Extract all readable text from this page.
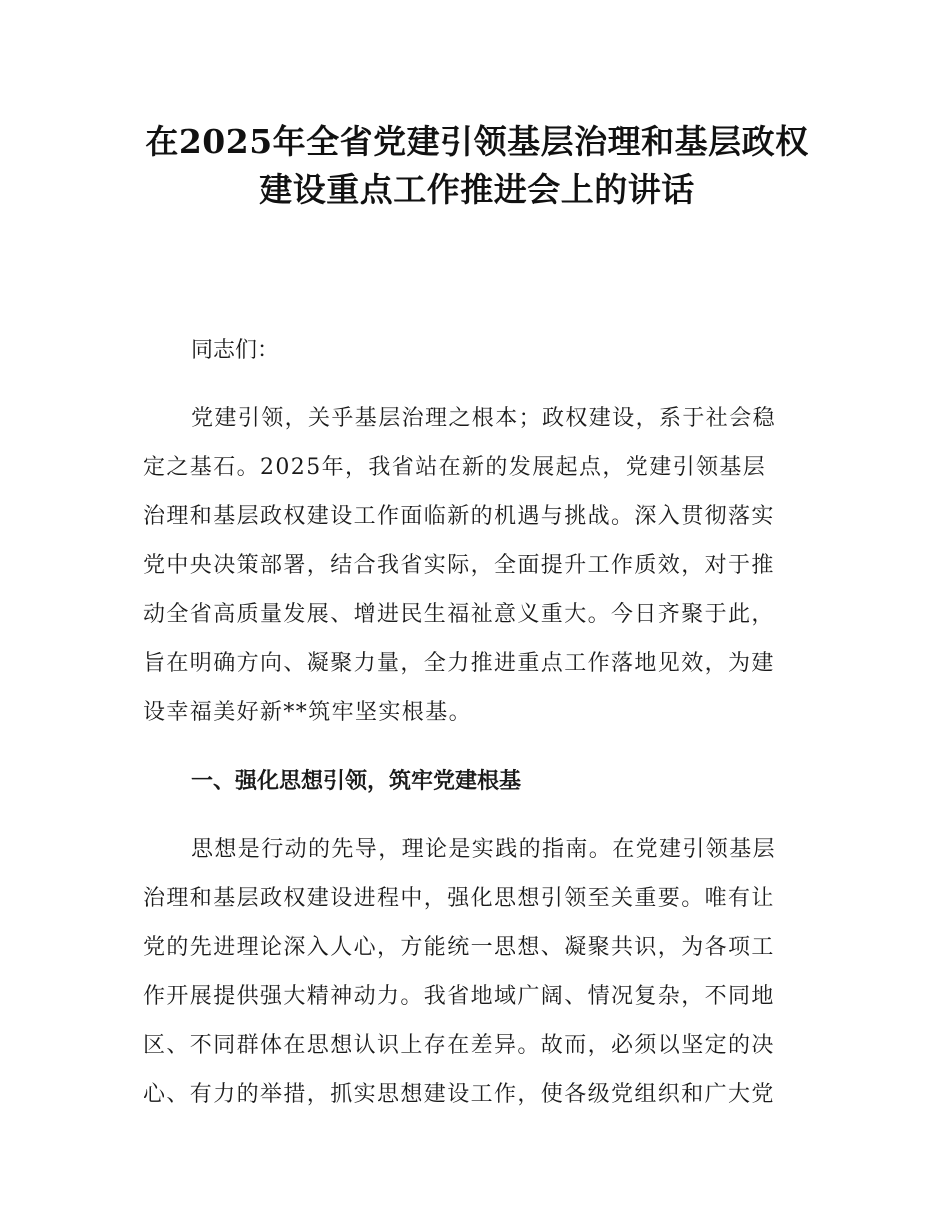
在2025年全省党建引领基层治理和基层政权
建设重点工作推进会上的讲话

同志们：

党建引领，关乎基层治理之根本；政权建设，系于社会稳
定之基石。2025年，我省站在新的发展起点，党建引领基层
治理和基层政权建设工作面临新的机遇与挑战。深入贯彻落实
党中央决策部署，结合我省实际，全面提升工作质效，对于推
动全省高质量发展、增进民生福祉意义重大。今日齐聚于此，
旨在明确方向、凝聚力量，全力推进重点工作落地见效，为建
设幸福美好新**筑牢坚实根基。

一、强化思想引领，筑牢党建根基

思想是行动的先导，理论是实践的指南。在党建引领基层
治理和基层政权建设进程中，强化思想引领至关重要。唯有让
党的先进理论深入人心，方能统一思想、凝聚共识，为各项工
作开展提供强大精神动力。我省地域广阔、情况复杂，不同地
区、不同群体在思想认识上存在差异。故而，必须以坚定的决
心、有力的举措，抓实思想建设工作，使各级党组织和广大党
